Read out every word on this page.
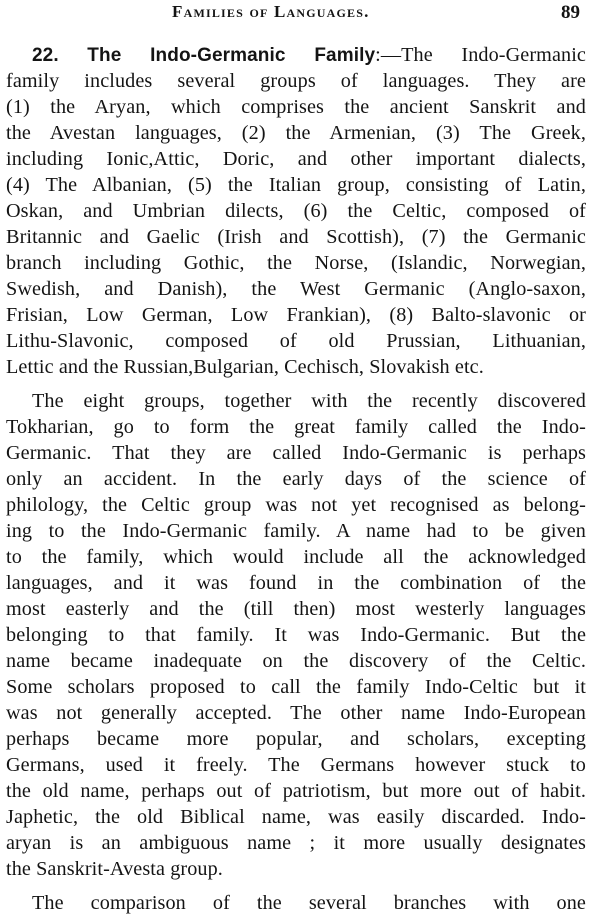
Families of Languages.	89
22. The Indo-Germanic Family:—The Indo-Germanic
family includes several groups of languages. They are
(1) the Aryan, which comprises the ancient Sanskrit and
the Avestan languages, (2) the Armenian, (3) The Greek,
including Ionic,Attic, Doric, and other important dialects,
(4) The Albanian, (5) the Italian group, consisting of Latin,
Oskan, and Umbrian dilects, (6) the Celtic, composed of
Britannic and Gaelic (Irish and Scottish), (7) the Germanic
branch including Gothic, the Norse, (Islandic, Norwegian,
Swedish, and Danish), the West Germanic (Anglo-saxon,
Frisian, Low German, Low Frankian), (8) Balto-slavonic or
Lithu-Slavonic, composed of old Prussian, Lithuanian,
Lettic and the Russian,Bulgarian, Cechisch, Slovakish etc.
The eight groups, together with the recently discovered
Tokharian, go to form the great family called the Indo-
Germanic. That they are called Indo-Germanic is perhaps
only an accident. In the early days of the science of
philology, the Celtic group was not yet recognised as belong-
ing to the Indo-Germanic family. A name had to be given
to the family, which would include all the acknowledged
languages, and it was found in the combination of the
most easterly and the (till then) most westerly languages
belonging to that family. It was Indo-Germanic. But the
name became inadequate on the discovery of the Celtic.
Some scholars proposed to call the family Indo-Celtic but it
was not generally accepted. The other name Indo-European
perhaps became more popular, and scholars, excepting
Germans, used it freely. The Germans however stuck to
the old name, perhaps out of patriotism, but more out of habit.
Japhetic, the old Biblical name, was easily discarded. Indo-
aryan is an ambiguous name ; it more usually designates
the Sanskrit-Avesta group.
The comparison of the several branches with one
